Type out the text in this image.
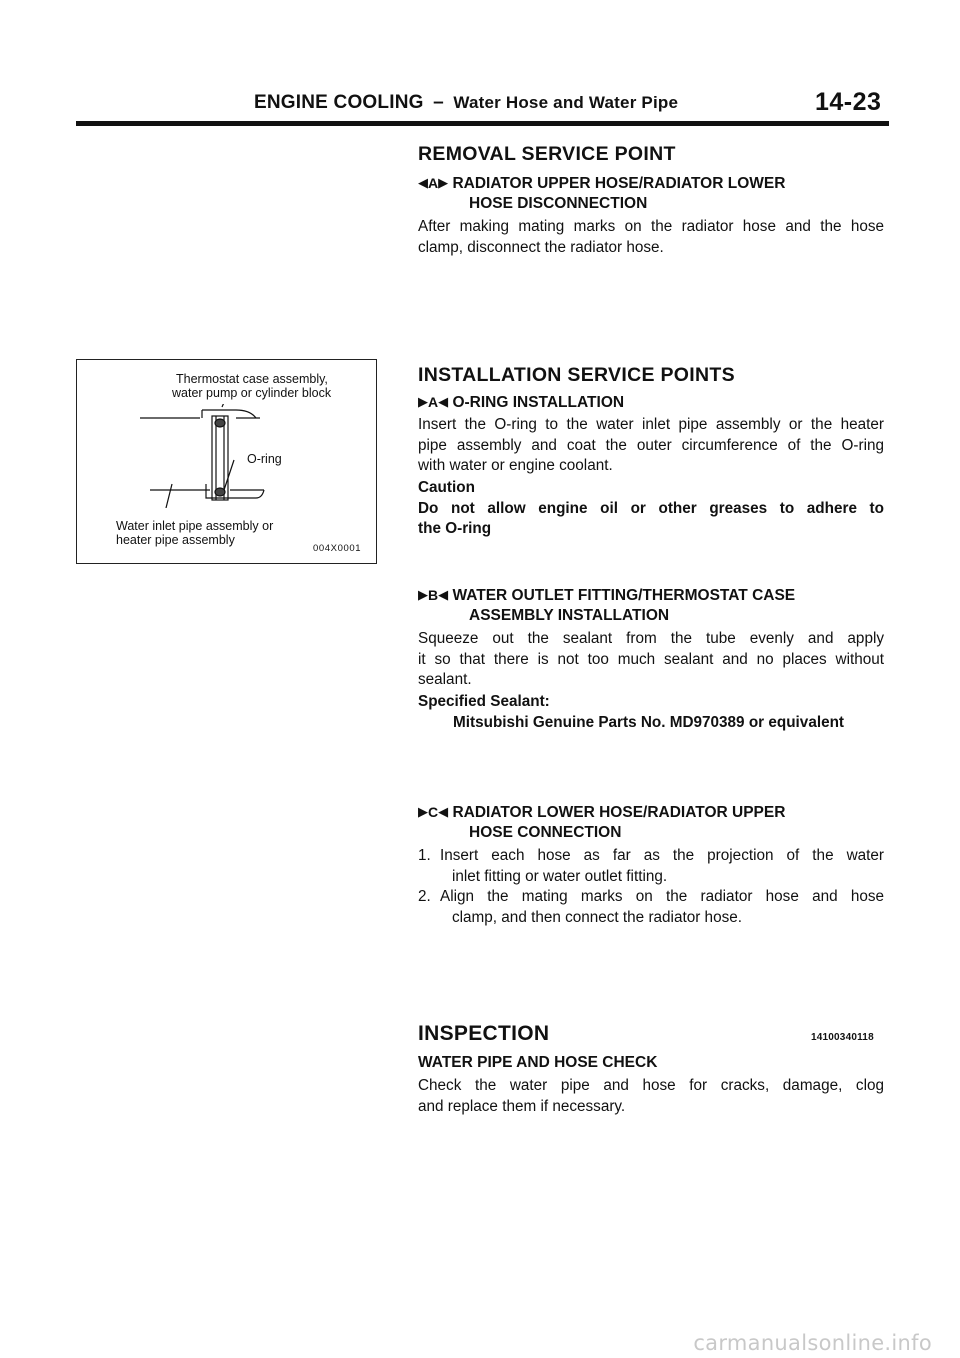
ENGINE COOLING – Water Hose and Water Pipe	14-23
REMOVAL SERVICE POINT
◀A▶ RADIATOR UPPER HOSE/RADIATOR LOWER
HOSE DISCONNECTION
After making mating marks on the radiator hose and the hose
clamp, disconnect the radiator hose.
Thermostat case assembly,
water pump or cylinder block
O-ring
Water inlet pipe assembly or
heater pipe assembly
004X0001
INSTALLATION SERVICE POINTS
▶A◀ O-RING INSTALLATION
Insert the O-ring to the water inlet pipe assembly or the heater
pipe assembly and coat the outer circumference of the O-ring
with water or engine coolant.
Caution
Do not allow engine oil or other greases to adhere to
the O-ring
▶B◀ WATER OUTLET FITTING/THERMOSTAT CASE
ASSEMBLY INSTALLATION
Squeeze out the sealant from the tube evenly and apply
it so that there is not too much sealant and no places without
sealant.
Specified Sealant:
Mitsubishi Genuine Parts No. MD970389 or equivalent
▶C◀ RADIATOR LOWER HOSE/RADIATOR UPPER
HOSE CONNECTION
1. Insert each hose as far as the projection of the water
inlet fitting or water outlet fitting.
2. Align the mating marks on the radiator hose and hose
clamp, and then connect the radiator hose.
INSPECTION	14100340118
WATER PIPE AND HOSE CHECK
Check the water pipe and hose for cracks, damage, clog
and replace them if necessary.
carmanualsonline.info
